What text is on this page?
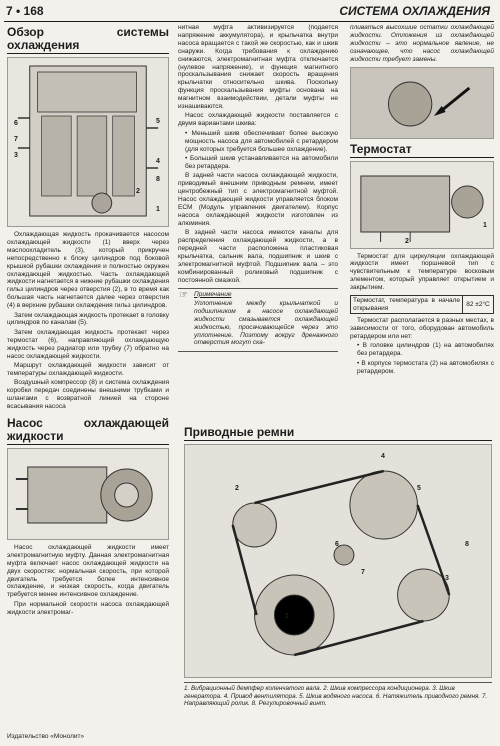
7 • 168	СИСТЕМА ОХЛАЖДЕНИЯ
Обзор системы охлаждения
6
7
3
5
4
8
2
1

Охлаждающая жидкость прокачивается насосом охлаждающей жидкости (1) вверх через маслоохладитель (3), который прикручен непосредственно к блоку цилиндров под боковой крышкой рубашки охлаждения и полностью окружен охлаждающей жидкостью. Часть охлаждающей жидкости нагнетается в нижние рубашки охлаждения гильз цилиндров через отверстия (2), в то время как большая часть нагнетается далее через отверстия (4) в верхние рубашки охлаждения гильз цилиндров.

Затем охлаждающая жидкость протекает в головку цилиндров по каналам (5).

Затем охлаждающая жидкость протекает через термостат (6), направляющий охлаждающую жидкость через радиатор или трубку (7) обратно на насос охлаждающей жидкости.

Маршрут охлаждающей жидкости зависит от температуры охлаждающей жидкости.

Воздушный компрессор (8) и система охлаждения коробки передач соединены внешними трубками и шлангами с возвратной линией на стороне всасывания насоса

Насос охлаждающей жидкости

Насос охлаждающей жидкости имеет электромагнитную муфту. Данная электромагнитная муфта включает насос охлаждающей жидкости на двух скоростях: нормальная скорость, при которой двигатель требуется более интенсивное охлаждение, и низкая скорость, когда двигатель требуется менее интенсивное охлаждение.

При нормальной скорости насоса охлаждающей жидкости электромаг-

нитная муфта активизируется (подается напряжение аккумулятора), и крыльчатка внутри насоса вращается с такой же скоростью, как и шкив снаружи. Когда требования к охлаждению снижаются, электромагнитная муфта отключается (нулевое напряжение), и функция магнитного проскальзывания снижает скорость вращения крыльчатки относительно шкива. Поскольку функция проскальзывания муфты основана на магнитном взаимодействии, детали муфты не изнашиваются.

Насос охлаждающей жидкости поставляется с двумя вариантами шкива:

• Меньший шкив обеспечивает более высокую мощность насоса для автомобилей с ретардером (для которых требуется большее охлаждение).

• Больший шкив устанавливается на автомобили без ретардера.

В задней части насоса охлаждающей жидкости, приводимый внешним приводным ремнем, имеет центробежный тип с электромагнитной муфтой. Насос охлаждающей жидкости управляется блоком ECM (Модуль управления двигателем). Корпус насоса охлаждающей жидкости изготовлен из алюминия.

В задней части насоса имеются каналы для распределения охлаждающей жидкости, а в передней части расположена пластиковая крыльчатка, сальник вала, подшипник и шкив с электромагнитной муфтой. Подшипник вала – это комбинированный роликовый подшипник с постоянной смазкой.

☞ Примечание

Уплотнение между крыльчаткой и подшипником в насосе охлаждающей жидкости смазывается охлаждающей жидкостью, просачивающейся через это уплотнение. Поэтому вокруг дренажного отверстия могут ска-

пливаться высохшие остатки охлаждающей жидкости. Отложения из охлаждающей жидкости – это нормальное явление, не означающее, что насос охлаждающей жидкости требует замены.

Термостат
1
2

Термостат для циркуляции охлаждающей жидкости имеет поршневой тип с чувствительным к температуре восковым элементом, который управляет открытием и закрытием.

Термостат, температура в начале открывания	82 ±2°С

Термостат располагается в разных местах, в зависимости от того, оборудован автомобиль ретардером или нет:

• В головке цилиндров (1) на автомобилях без ретардера.

• В корпусе термостата (2) на автомобилях с ретардером.

Приводные ремни
1
2
3
4
5
6
7
8
1. Вибрационный демпфер коленчатого вала. 2. Шкив компрессора кондиционера. 3. Шкив генератора. 4. Привод вентилятора. 5. Шкив водяного насоса. 6. Натяжитель приводного ремня. 7. Направляющий ролик. 8. Регулировочный винт.
Издательство «Монолит»
